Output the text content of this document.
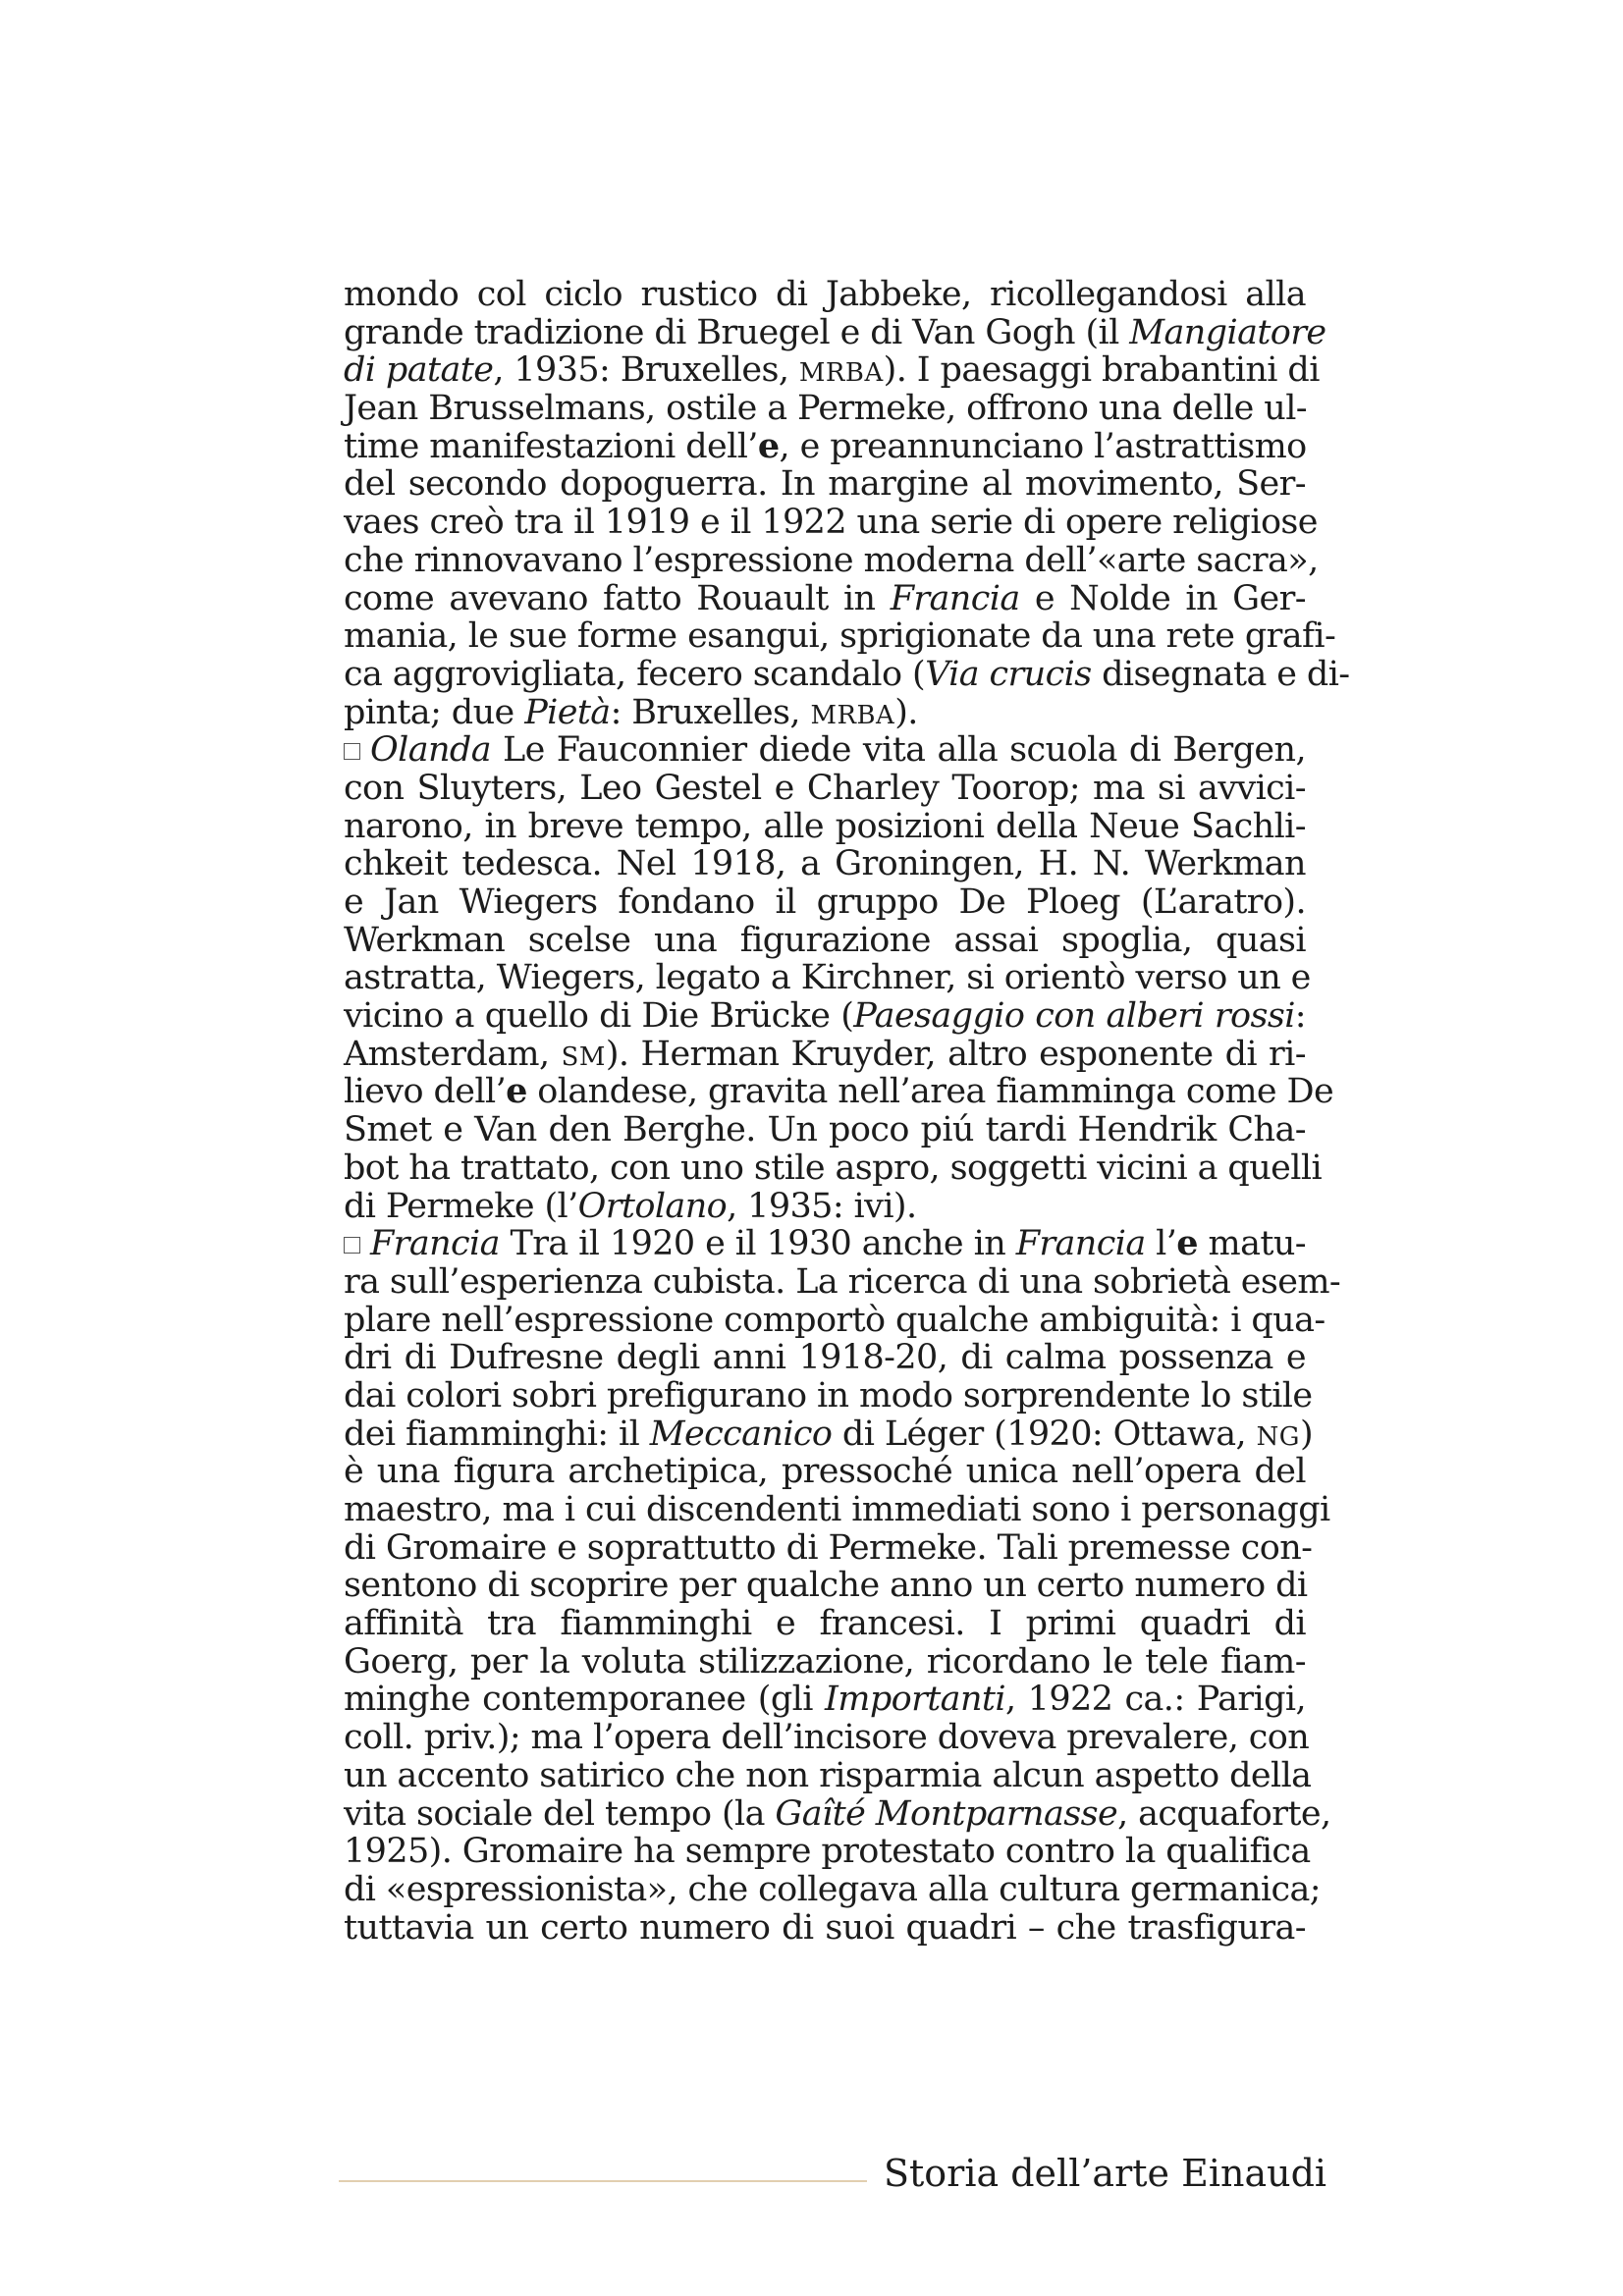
mondo col ciclo rustico di Jabbeke, ricollegandosi alla
grande tradizione di Bruegel e di Van Gogh (il Mangiatore
di patate, 1935: Bruxelles, MRBA). I paesaggi brabantini di
Jean Brusselmans, ostile a Permeke, offrono una delle ul-
time manifestazioni dell’e, e preannunciano l’astrattismo
del secondo dopoguerra. In margine al movimento, Ser-
vaes creò tra il 1919 e il 1922 una serie di opere religiose
che rinnovavano l’espressione moderna dell’«arte sacra»,
come avevano fatto Rouault in Francia e Nolde in Ger-
mania, le sue forme esangui, sprigionate da una rete grafi-
ca aggrovigliata, fecero scandalo (Via crucis disegnata e di-
pinta; due Pietà: Bruxelles, MRBA).
Olanda Le Fauconnier diede vita alla scuola di Bergen,
con Sluyters, Leo Gestel e Charley Toorop; ma si avvici-
narono, in breve tempo, alle posizioni della Neue Sachli-
chkeit tedesca. Nel 1918, a Groningen, H. N. Werkman
e Jan Wiegers fondano il gruppo De Ploeg (L’aratro).
Werkman scelse una figurazione assai spoglia, quasi
astratta, Wiegers, legato a Kirchner, si orientò verso un e
vicino a quello di Die Brücke (Paesaggio con alberi rossi:
Amsterdam, SM). Herman Kruyder, altro esponente di ri-
lievo dell’e olandese, gravita nell’area fiamminga come De
Smet e Van den Berghe. Un poco piú tardi Hendrik Cha-
bot ha trattato, con uno stile aspro, soggetti vicini a quelli
di Permeke (l’Ortolano, 1935: ivi).
Francia Tra il 1920 e il 1930 anche in Francia l’e matu-
ra sull’esperienza cubista. La ricerca di una sobrietà esem-
plare nell’espressione comportò qualche ambiguità: i qua-
dri di Dufresne degli anni 1918-20, di calma possenza e
dai colori sobri prefigurano in modo sorprendente lo stile
dei fiamminghi: il Meccanico di Léger (1920: Ottawa, NG)
è una figura archetipica, pressoché unica nell’opera del
maestro, ma i cui discendenti immediati sono i personaggi
di Gromaire e soprattutto di Permeke. Tali premesse con-
sentono di scoprire per qualche anno un certo numero di
affinità tra fiamminghi e francesi. I primi quadri di
Goerg, per la voluta stilizzazione, ricordano le tele fiam-
minghe contemporanee (gli Importanti, 1922 ca.: Parigi,
coll. priv.); ma l’opera dell’incisore doveva prevalere, con
un accento satirico che non risparmia alcun aspetto della
vita sociale del tempo (la Gaîté Montparnasse, acquaforte,
1925). Gromaire ha sempre protestato contro la qualifica
di «espressionista», che collegava alla cultura germanica;
tuttavia un certo numero di suoi quadri – che trasfigura-
Storia dell’arte Einaudi
